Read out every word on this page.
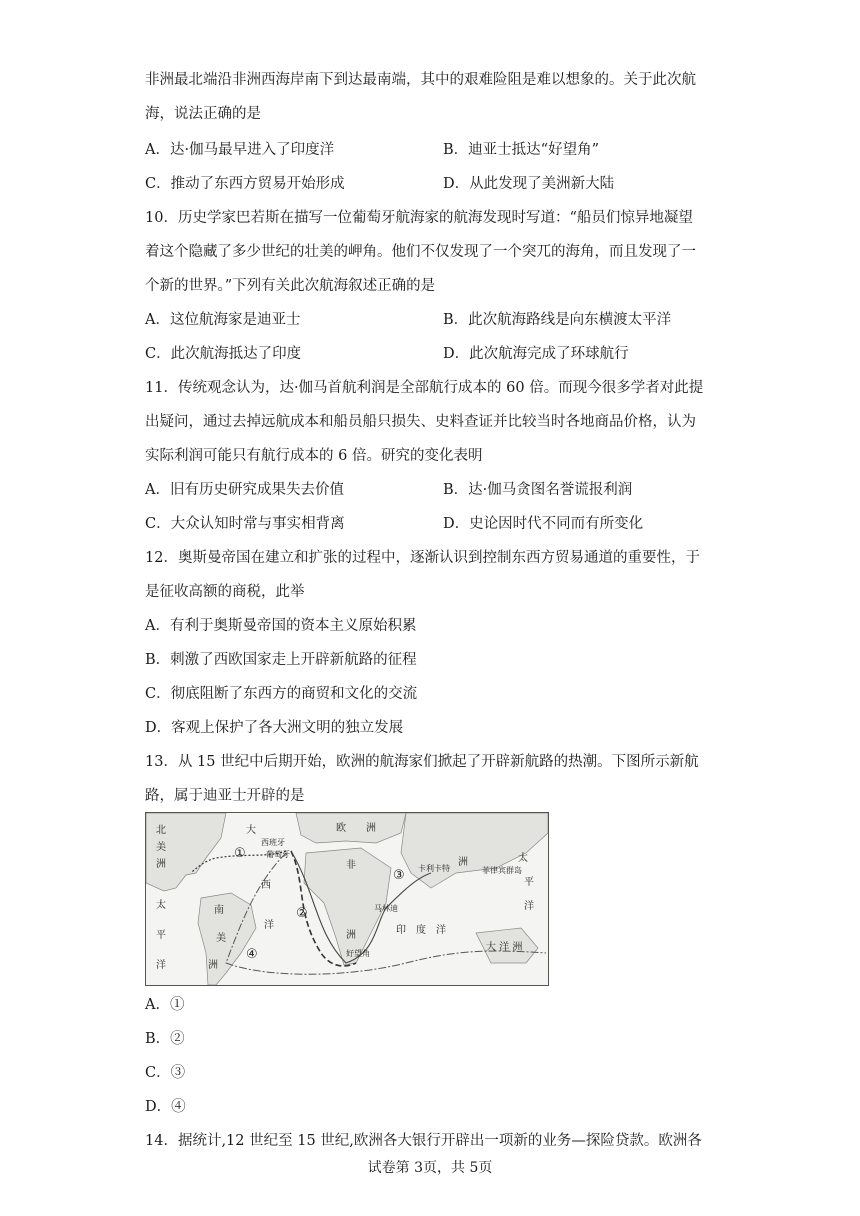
非洲最北端沿非洲西海岸南下到达最南端，其中的艰难险阻是难以想象的。关于此次航
海，说法正确的是
A．达·伽马最早进入了印度洋	B．迪亚士抵达“好望角”
C．推动了东西方贸易开始形成	D．从此发现了美洲新大陆
10．历史学家巴若斯在描写一位葡萄牙航海家的航海发现时写道：“船员们惊异地凝望
着这个隐藏了多少世纪的壮美的岬角。他们不仅发现了一个突兀的海角，而且发现了一
个新的世界。”下列有关此次航海叙述正确的是
A．这位航海家是迪亚士	B．此次航海路线是向东横渡太平洋
C．此次航海抵达了印度	D．此次航海完成了环球航行
11．传统观念认为，达·伽马首航利润是全部航行成本的 60 倍。而现今很多学者对此提
出疑问，通过去掉远航成本和船员船只损失、史料查证并比较当时各地商品价格，认为
实际利润可能只有航行成本的 6 倍。研究的变化表明
A．旧有历史研究成果失去价值	B．达·伽马贪图名誉谎报利润
C．大众认知时常与事实相背离	D．史论因时代不同而有所变化
12．奥斯曼帝国在建立和扩张的过程中，逐渐认识到控制东西方贸易通道的重要性，于
是征收高额的商税，此举
A．有利于奥斯曼帝国的资本主义原始积累
B．刺激了西欧国家走上开辟新航路的征程
C．彻底阻断了东西方的商贸和文化的交流
D．客观上保护了各大洲文明的独立发展
13．从 15 世纪中后期开始，欧洲的航海家们掀起了开辟新航路的热潮。下图所示新航
路，属于迪亚士开辟的是
北
美
洲
太
平
洋
大
西
洋
南
美
洲
欧　　洲
西班牙
葡萄牙
非
洲
洲
卡利卡特
马林迪
菲律宾群岛
太
平
洋
印　度　洋
大 洋 洲
好望角
①
②
③
④
A．①
B．②
C．③
D．④
14．据统计,12 世纪至 15 世纪,欧洲各大银行开辟出一项新的业务—探险贷款。欧洲各
试卷第 3页，共 5页
